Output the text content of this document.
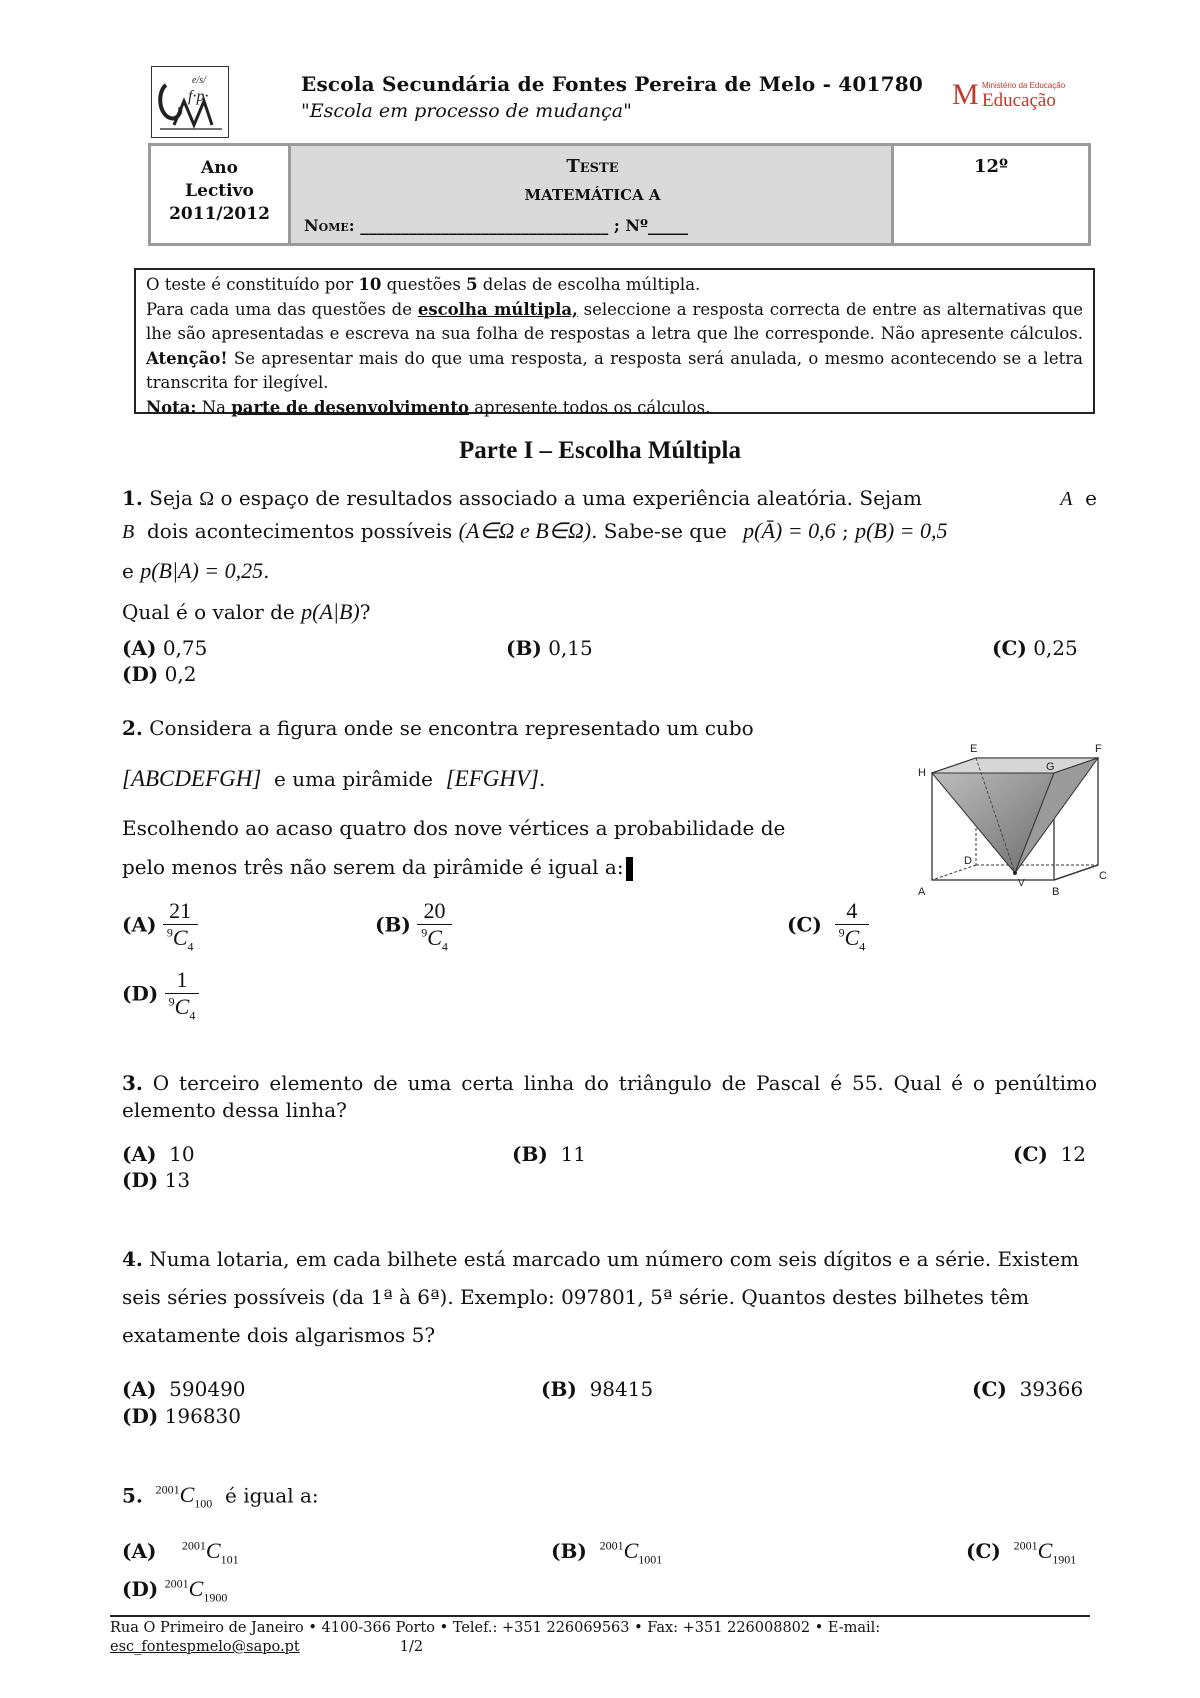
e/s/
f·p·
Escola Secundária de Fontes Pereira de Melo - 401780
"Escola em processo de mudança"	M Ministério da Educação
Educação
Ano
Lectivo
2011/2012
Teste
MATEMÁTICA A
Nome: _______________________________ ; Nº_____
12º

O teste é constituído por 10 questões 5 delas de escolha múltipla.

Para cada uma das questões de escolha múltipla, seleccione a resposta correcta de entre as alternativas que lhe são apresentadas e escreva na sua folha de respostas a letra que lhe corresponde. Não apresente cálculos. Atenção! Se apresentar mais do que uma resposta, a resposta será anulada, o mesmo acontecendo se a letra transcrita for ilegível.

Nota: Na parte de desenvolvimento apresente todos os cálculos.

Parte I – Escolha Múltipla
1. Seja Ω o espaço de resultados associado a uma experiência aleatória. Sejam	A e
B dois acontecimentos possíveis (A∈Ω e B∈Ω). Sabe-se que p(Ā) = 0,6 ; p(B) = 0,5
e p(B|A) = 0,25.
Qual é o valor de p(A|B)?
(A) 0,75	(B) 0,15	(C) 0,25
(D) 0,2
2. Considera a figura onde se encontra representado um cubo
[ABCDEFGH] e uma pirâmide [EFGHV].
Escolhendo ao acaso quatro dos nove vértices a probabilidade de
pelo menos três não serem da pirâmide é igual a:
E	F
G
H
A	B
C
D
V
$(A) \frac{21}{^9C_4}$	$(B) \frac{20}{^9C_4}$	$(C) \frac{4}{^9C_4}$
$(D) \frac{1}{^9C_4}$
3. O terceiro elemento de uma certa linha do triângulo de Pascal é 55. Qual é o penúltimo elemento dessa linha?
(A) 10	(B) 11	(C) 12
(D) 13
4. Numa lotaria, em cada bilhete está marcado um número com seis dígitos e a série. Existem seis séries possíveis (da 1ª à 6ª). Exemplo: 097801, 5ª série. Quantos destes bilhetes têm exatamente dois algarismos 5?
(A) 590490	(B) 98415	(C) 39366
(D) 196830
5. $^{2001}C_{100}$ é igual a:
(A) $^{2001}C_{101}$	(B) $^{2001}C_{1001}$	(C) $^{2001}C_{1901}$
(D) $^{2001}C_{1900}$
Rua O Primeiro de Janeiro • 4100-366 Porto • Telef.: +351 226069563 • Fax: +351 226008802 • E-mail:
esc_fontespmelo@sapo.pt	1/2
